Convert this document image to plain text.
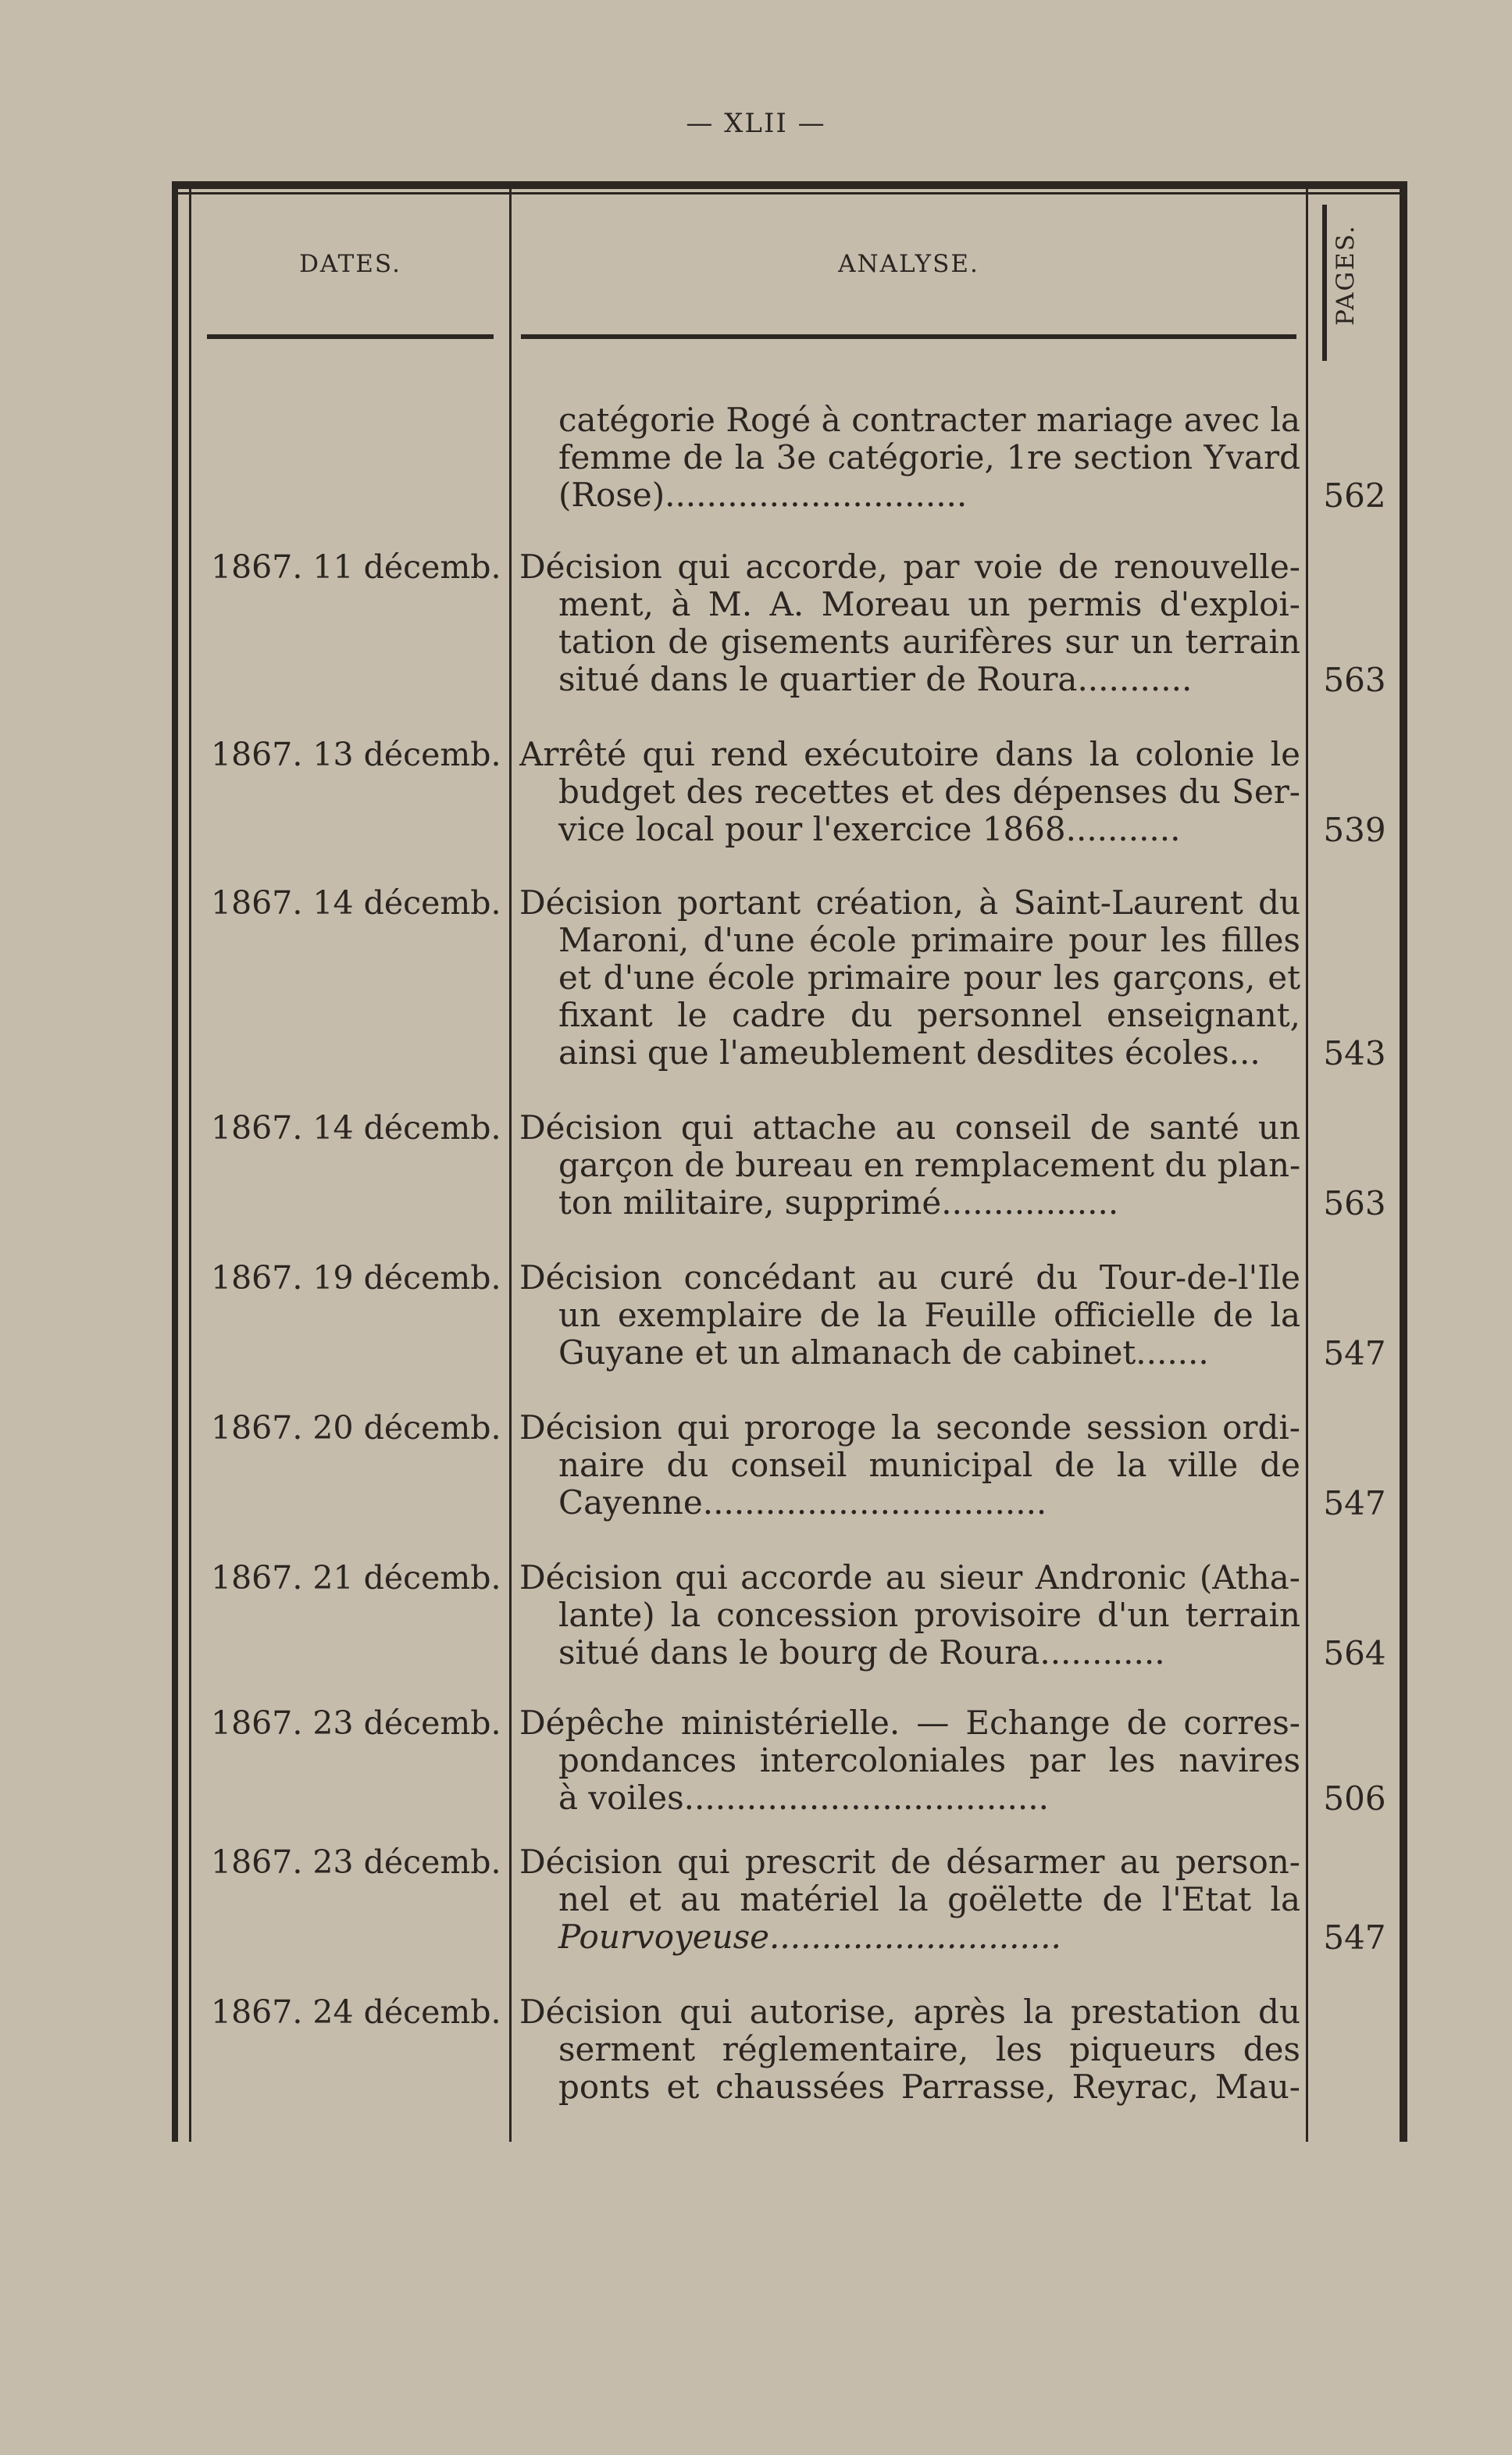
— XLII —
DATES.	ANALYSE.	PAGES.
catégorie Rogé à contracter mariage avec la
femme de la 3e catégorie, 1re section Yvard
(Rose).............................	562
1867. 11 décemb. Décision qui accorde, par voie de renouvelle-
ment, à M. A. Moreau un permis d'exploi-
tation de gisements aurifères sur un terrain
situé dans le quartier de Roura...........	563
1867. 13 décemb. Arrêté qui rend exécutoire dans la colonie le
budget des recettes et des dépenses du Ser-
vice local pour l'exercice 1868...........	539
1867. 14 décemb. Décision portant création, à Saint-Laurent du
Maroni, d'une école primaire pour les filles
et d'une école primaire pour les garçons, et
fixant le cadre du personnel enseignant,
ainsi que l'ameublement desdites écoles...	543
1867. 14 décemb. Décision qui attache au conseil de santé un
garçon de bureau en remplacement du plan-
ton militaire, supprimé.................	563
1867. 19 décemb. Décision concédant au curé du Tour-de-l'Ile
un exemplaire de la Feuille officielle de la
Guyane et un almanach de cabinet.......	547
1867. 20 décemb. Décision qui proroge la seconde session ordi-
naire du conseil municipal de la ville de
Cayenne.................................	547
1867. 21 décemb. Décision qui accorde au sieur Andronic (Atha-
lante) la concession provisoire d'un terrain
situé dans le bourg de Roura............	564
1867. 23 décemb. Dépêche ministérielle. — Echange de corres-
pondances intercoloniales par les navires
à voiles...................................	506
1867. 23 décemb. Décision qui prescrit de désarmer au person-
nel et au matériel la goëlette de l'Etat la
Pourvoyeuse............................	547
1867. 24 décemb. Décision qui autorise, après la prestation du
serment réglementaire, les piqueurs des
ponts et chaussées Parrasse, Reyrac, Mau-
